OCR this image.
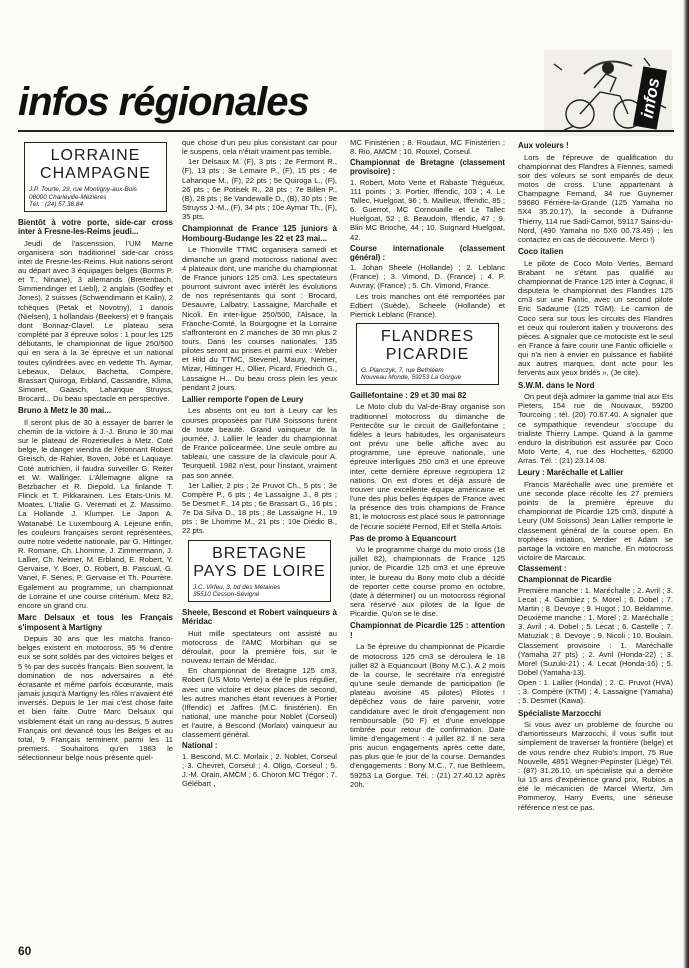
infos régionales	infos
LORRAINE
CHAMPAGNE
J.P. Tourte, 29, rue Montigny-aux-Bois
08000 Charleville-Mézières
Tél. : (24) 57.38.84
Bientôt à votre porte, side-car cross inter à Fresne-les-Reims jeudi...

Jeudi de l'ascenssion, l'UM Marne organisera son traditionnel side-car cross inter de Fresne-les-Reims. Huit nations seront au départ avec 3 équipages belges (Borms P. et T., Ninane), 3 allemands (Breitenbach, Simmendinger et Liebl), 2 anglais (Godfey et Jones), 2 suisses (Schwendimann et Kalin), 2 tchèques (Petak et Novotny), 1 danois (Nielsen), 1 hollandais (Beekers) et 9 français dont Bonnaz-Clavel. Le plateau sera complété par 3 épreuve solos : 1 pour les 125 débutants, le championnat de ligue 250/500 qui en sera à la 3e épreuve et un national toutes cylindrées avec en vedette Th. Aymar, Lebeaux, Delaux, Bachetta, Compère, Brassart Quiroga, Erbland, Cassandre, Klima, Simonet, Gaasch, Lahanque Struyss, Brocard... Du beau spectacle en perspective.

Bruno à Metz le 30 mai...

Il seront plus de 30 à essayer de barrer le chemin de la victoire à J.-J. Bruno le 30 mai sur le plateau de Rozerieulles à Metz. Coté belge, le danger viendra de l'étonnant Robert Greisch, de Rahier, Boven, Jobé et Laquaye. Coté autrichien, il faudra surveiller G. Reiter et W. Wallinger. L'Allemagne aligne ra Betzbacher et R. Diepold. La finlande T. Flinck et T. Pikkarainen. Les Etats-Unis M. Moates. L'Italie G. Veremati et Z. Massimo. La Hollande J. Klumper. Le Japon A. Watanabé. Le Luxembourg A. Lejeune enfin, les couleurs françaises seront représentées, outre notre vedette nationale, par G. Hittinger, R. Romane, Ch. Lhomme, J. Zimmermann, J. Lallier, Ch. Neimer, M. Erbland, E. Robert, Y. Gervaise, Y. Boer, O. Robert, B. Pascual, G. Vanet, F. Sénes, P. Gervaise et Th. Pourrère. Egalement au programme, un championnat de Lorraine et une course critérium. Metz 82, encore un grand cru.

Marc Delsaux et tous les Français s'imposent à Martigny

Depuis 30 ans que les matchs franco-belges existent en motocross, 95 % d'entre eux se sont soldés par des victoires belges et 5 % par des succès français. Bien souvent, la domination de nos adversaires a été écrasante et même parfois écœurante, mais jamais jusqu'à Martigny les rôles n'avaient été inversés. Depuis le 1er mai c'est chose faite et bien faite. Outre Marc Delsaux qui visiblement était un rang au-dessus, 5 autres Français ont devancé tous les Belges et au total, 9 Français terminent parmi les 11 premiers. Souhaitons qu'en 1983 le sélectionneur belge nous présente quel-

que chose d'un peu plus consistant car pour le suspens, cela n'était vraiment pas terrible.

1er Delsaux M. (F), 3 pts ; 2e Fermont R., (F), 13 pts ; 3e Lemaire P., (F), 15 pts ; 4e Lahanque M., (F), 22 pts ; 5e Quiroga L., (F), 26 pts ; 6e Potisek R., 28 pts ; 7e Billen P., (B), 28 pts ; 8e Vandewalle D., (B), 30 pts ; 9e Struyss J.-M., (F), 34 pts ; 10e Aymar Th., (F), 35 pts.

Championnat de France 125 juniors à Hombourg-Budange les 22 et 23 mai...

Le Thionville TTMC organisera samedi et dimanche un grand motocross national avec 4 plateaux dont, une manche du championnat de France juniors 125 cm3. Les spectateurs pourront suivront avec intérêt les évolutions de nos représentants qui sont : Brocard, Desauvre, Lalbatry, Lassaigne, Marchalle et Nicoli. En inter-ligue 250/500, l'Alsace, la Franche-Comté, la Bourgogne et la Lorraine s'affronteront en 2 manches de 30 mn plus 2 tours. Dans les courses nationales, 135 pilotes seront au prises et parmi eux : Weber et Hild du TTMC, Stevenel, Maury, Neimer, Mizar, Hittinger H., Ollier, Picard, Friedrich G., Lassaigne H... Du beau cross plein les yeux pendant 2 jours.

Lallier remporte l'open de Leury

Les absents ont eu tort à Leury car les courses proposées par l'UM Soissons furent de toute beauté. Grand vainqueur de la journée, J. Lallier le leader du championnat de France policearmée. Une seule ombre au tableau, une cassure de la clavicule pour A. Teurquetil. 1982 n'est, pour l'instant, vraiment pas son année.

1er Lallier, 2 pts ; 2e Pruvot Ch., 5 pts ; 3e Compère P., 6 pts ; 4e Lassaigne J., 8 pts ; 5e Desmet F., 14 pts ; 6e Brassart G., 16 pts ; 7e Da Silva D., 18 pts ; 8e Lassaigne H., 19 pts ; 9e Lhomme M., 21 pts ; 10e Diédic B., 22 pts.

BRETAGNE
PAYS DE LOIRE
J.C. Virfeu, 3, bd des Métairies
35510 Cesson-Sévigné
Sheele, Bescond et Robert vainqueurs à Méridac

Huit mille spectateurs ont assisté au motocross de l'AMC Morbihan qui se déroulait, pour la première fois, sur le nouveau terrain de Méridac.

En championnat de Bretagne 125 cm3, Robert (US Moto Verte) a été le plus régulier, avec une victoire et deux places de second, les autres manches étant revenues à Portier (Iffendic) et Jaffres (M.C. finistérien). En national, une manche pour Noblet (Corseul) et l'autre, à Bescond (Morlaix) vainqueur au classement général.

National :

1. Bescond, M.C. Morlaix ; 2. Noblet, Corseul ; 3. Chevret, Corseul ; 4. Oligo, Corseul ; 5. J.-M. Orain, AMCM ; 6. Choron MC Trégor ; 7. Gélébart ,

MC Finistérien ; 8. Roudaut, MC Finistérien ; 8. Rio, AMCM ; 10. Rouxel, Corseul.

Championnat de Bretagne (classement provisoire) :

1. Robert, Moto Verte et Rabaste Tréguéux, 111 points ; 3. Portier, Iffendic, 103 ; 4. Le Tallec, Huelgoat, 96 ; 5. Mailleux, Iffendic, 85 ; 6. Guerrot, MC Cornouaille et Le Tallec Huelgoat, 52 ; 8. Beaudoin, Iffendic, 47 ; 9. Blin MC Brioche, 44 ; 10. Suignard Huelgoat, 42.

Course internationale (classement général) :

1. Johan Sheele (Hollande) ; 2. Leblanc (France) ; 3. Vimond, D. (France) ; 4. P. Auvray, (France) ; 5. Ch. Vimond, France.

Les trois manches ont été remportées par Edbert (Suède), Scheele (Hollande) et Pierrick Leblanc (France).

FLANDRES
PICARDIE
G. Planczyk, 7, rue Bethléem
Nouveau Monde, 59253 La Gorgue
Gaillefontaine : 29 et 30 mai 82

Le Moto club du Val-de-Bray organise son traditionnel motocross du dimanche de Pentecôte sur le circuit de Gaillefontaine ; fidèles à leurs habitudes, les organisateurs ont prévu une belle affiche avec au programme, une épreuve nationale, une épreuve interligues 250 cm3 et une épreuve inter, cette dernière épreuve regroupera 12 nations. On est d'ores et déjà assuré de trouver une excellente équipe américaine et l'une des plus belles équipes de France avec la présence des trois champions de France 81, le motocross est placé sous le patronnage de l'écurie société Pernod, Elf et Stella Artois.

Pas de promo à Equancourt

Vu le programme chargé du moto cross (18 juillet 82), championnats de France 125 junior, de Picardie 125 cm3 et une épreuve inter, le bureau du Bony moto club a décidé de reporter cette course promo en octobre, (date à déterminer) ou un motocross régional sera réservé aux pilotes de la ligue de Picardie. Qu'on se le dise.

Championnat de Picardie 125 : attention !

La 5e épreuve du championnat de Picardie de motocross 125 cm3 se déroulera le 18 juillet 82 à Equancourt (Bony M.C.). A 2 mois de la course, le secrétaire n'a enregistré qu'une seule demande de participation (le plateau avoisine 45 pilotes) Pilotes ! dépêchez vous de faire parvenir, votre candidature avec le droit d'engagement non remboursable (50 F) et d'une enveloppe timbrée pour retour de confirmation. Date limite d'engagement : 4 juillet 82. Il ne sera pris aucun engagements après cette date, pas plus que le jour de la course. Demandes d'engagements : Bony M.C., 7, rue Bethleem, 59253 La Gorgue. Tél. : (21) 27.40.12 après 20h.

Aux voleurs !

Lors de l'épreuve de qualification du championnat des Flandres à Fiennes, samedi soir des voleurs se sont emparés de deux motos de cross. L'une appartenant à Champagne Fernand, 34 rue Guynemer 59680 Férrière-la-Grande (125 Yamaha no 5X4 35.20.17), la seconde à Dufranne Thierry, 114 rue Sadi-Carnot, 59117 Sains-du-Nord, (490 Yamaha no 5X6 00.73.49) ; les contactez en cas de découverte. Merci !)

Coco italien

Le pilote de Coco Moto Vertes, Bernard Brabant ne s'étant pas qualifié au championnat de France 125 inter à Cognac, il disputera le championnat des Flandres 125 cm3 sur une Fantic, avec un second pilote Eric Sadaume (125 TGM). Le camion de Coco sera sur tous les circuits des Flandres et ceux qui rouleront italien y trouverons des pièces. A signaler que ce motociste est le seul en France à faire courir une Fantic officielle « qui n'a rien à envier en puissance et fiabilité aux autres marques, dont acte pour les fervents aux yeux bridés », (Je cite).

S.W.M. dans le Nord

On peut déjà admirer la gamme trial aux Ets Pieters, 154 rue de Nouvaux, 59200 Tourcoing ; tél. (20) 70.67.40. A signaler que ce sympathique revendeur s'occupe du trialiste Thierry Lampe. Quand à la gamme enduro la distribution est assurée par Coco Moto Verte, 4, rue des Hochettes, 62000 Arras. Tél. : (21) 23.14.08.

Leury : Maréchalle et Lallier

Francis Maréchalle avec une première et une seconde place récolte les 27 premiers points de la première épreuve du championnat de Picardie 125 cm3, disputé à Leury (UM Soissons) Jean Lallier remporte le classement général de la course open. En trophées initiation, Verdier et Adam se partage la victoire en manche. En motocross victoire de Marcaux.

Classement :
Championnat de Picardie

Première manche : 1. Maréchalle ; 2. Avril ; 3. Lecat ; 4. Gambiez ; 5. Morel ; 6. Dobel ; 7. Martin ; 8. Devoye ; 9. Hugot ; 10. Beldamme. Deuxième manche : 1. Morel ; 2. Maréchalle ; 3. Avril ; 4. Dobel ; 5. Lecat ; 6. Castelle ; 7. Matuziak ; 8. Devoye ; 9. Nicoli ; 10. Boulain. Classement provisoire : 1. Maréchalle (Yamaha 27 pts) ; 2. Avril (Honda-22) ; 3. Morel (Suzuki-21) ; 4. Lecat (Honda-16) ; 5. Dobel (Yamaha-13).

Open : 1. Lallier (Honda) ; 2. C. Pruvot (HVA) ; 3. Compère (KTM) ; 4. Lassaigne (Yamaha) ; 5. Desmet (Kawa).

Spécialiste Marzocchi

Si vous avez un problème de fourche ou d'amortisseurs Marzocchi, il vous suffit tout simplement de traverser la frontière (belge) et de vous rendre chez Rubio's Import, 75 Rue Nouvelle, 4851 Wegner-Pepinster (Liège) Tél. : (87) 31.26.10. un spécialiste qui a derrière lui 15 ans d'expérience grand prix, Rubios a été le mécanicien de Marcel Wiertz, Jim Pommeroy, Harry Everts, une sérieuse référence n'est ce pas.

60
